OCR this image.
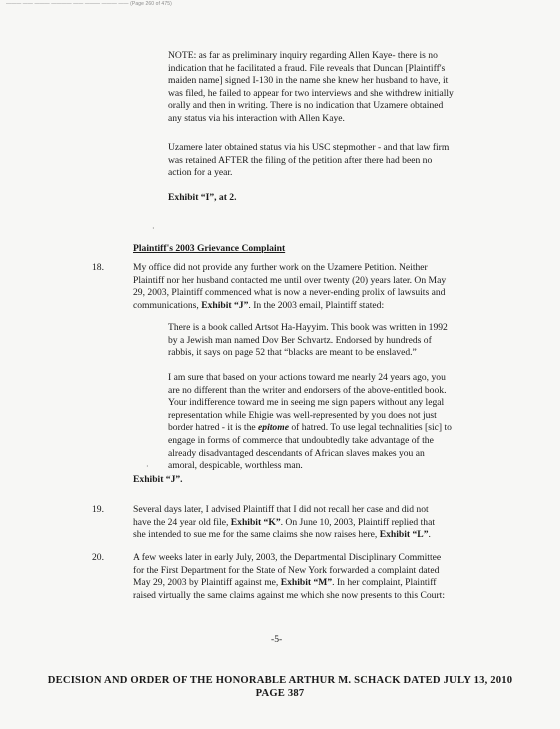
——— —— ——— ———— —— ——— ——— —— (Page 260 of 475)
NOTE: as far as preliminary inquiry regarding Allen Kaye- there is no
indication that he facilitated a fraud. File reveals that Duncan [Plaintiff's
maiden name] signed I-130 in the name she knew her husband to have, it
was filed, he failed to appear for two interviews and she withdrew initially
orally and then in writing. There is no indication that Uzamere obtained
any status via his interaction with Allen Kaye.
Uzamere later obtained status via his USC stepmother - and that law firm
was retained AFTER the filing of the petition after there had been no
action for a year.
Exhibit “I”, at 2.
·
Plaintiff's 2003 Grievance Complaint
18.	My office did not provide any further work on the Uzamere Petition. Neither
Plaintiff nor her husband contacted me until over twenty (20) years later. On May
29, 2003, Plaintiff commenced what is now a never-ending prolix of lawsuits and
communications, Exhibit “J”. In the 2003 email, Plaintiff stated:
There is a book called Artsot Ha-Hayyim. This book was written in 1992
by a Jewish man named Dov Ber Schvartz. Endorsed by hundreds of
rabbis, it says on page 52 that “blacks are meant to be enslaved.”
I am sure that based on your actions toward me nearly 24 years ago, you
are no different than the writer and endorsers of the above-entitled book.
Your indifference toward me in seeing me sign papers without any legal
representation while Ehigie was well-represented by you does not just
border hatred - it is the epitome of hatred. To use legal technalities [sic] to
engage in forms of commerce that undoubtedly take advantage of the
already disadvantaged descendants of African slaves makes you an
amoral, despicable, worthless man.
·
Exhibit “J”.
19.	Several days later, I advised Plaintiff that I did not recall her case and did not
have the 24 year old file, Exhibit “K”. On June 10, 2003, Plaintiff replied that
she intended to sue me for the same claims she now raises here, Exhibit “L”.
20.	A few weeks later in early July, 2003, the Departmental Disciplinary Committee
for the First Department for the State of New York forwarded a complaint dated
May 29, 2003 by Plaintiff against me, Exhibit “M”. In her complaint, Plaintiff
raised virtually the same claims against me which she now presents to this Court:
-5-
DECISION AND ORDER OF THE HONORABLE ARTHUR M. SCHACK DATED JULY 13, 2010
PAGE 387
